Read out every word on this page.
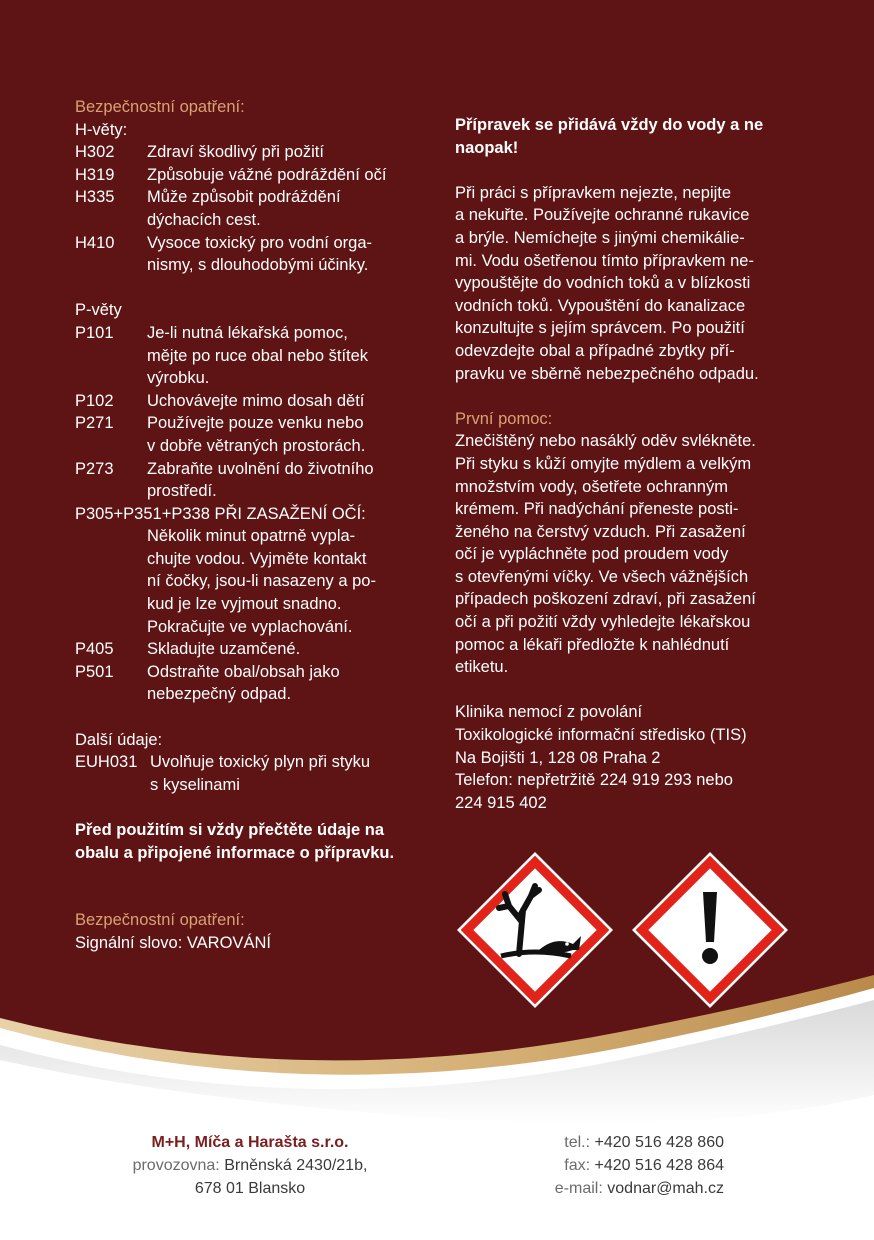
Bezpečnostní opatření:
H-věty:
H302	Zdraví škodlivý při požití
H319	Způsobuje vážné podráždění očí
H335	Může způsobit podráždění
dýchacích cest.
H410	Vysoce toxický pro vodní orga-
nismy, s dlouhodobými účinky.
P-věty
P101	Je-li nutná lékařská pomoc,
mějte po ruce obal nebo štítek
výrobku.
P102	Uchovávejte mimo dosah dětí
P271	Používejte pouze venku nebo
v dobře větraných prostorách.
P273	Zabraňte uvolnění do životního
prostředí.
P305+P351+P338 PŘI ZASAŽENÍ OČÍ:
Několik minut opatrně vypla-
chujte vodou. Vyjměte kontakt
ní čočky, jsou-li nasazeny a po-
kud je lze vyjmout snadno.
Pokračujte ve vyplachování.
P405	Skladujte uzamčené.
P501	Odstraňte obal/obsah jako
nebezpečný odpad.
Další údaje:
EUH031 Uvolňuje toxický plyn při styku
s kyselinami
Před použitím si vždy přečtěte údaje na
obalu a připojené informace o přípravku.
Bezpečnostní opatření:
Signální slovo: VAROVÁNÍ
Přípravek se přidává vždy do vody a ne
naopak!
Při práci s přípravkem nejezte, nepijte
a nekuřte. Používejte ochranné rukavice
a brýle. Nemíchejte s jinými chemikálie-
mi. Vodu ošetřenou tímto přípravkem ne-
vypouštějte do vodních toků a v blízkosti
vodních toků. Vypouštění do kanalizace
konzultujte s jejím správcem. Po použití
odevzdejte obal a případné zbytky pří-
pravku ve sběrně nebezpečného odpadu.
První pomoc:
Znečištěný nebo nasáklý oděv svlékněte.
Při styku s kůží omyjte mýdlem a velkým
množstvím vody, ošetřete ochranným
krémem. Při nadýchání přeneste posti-
ženého na čerstvý vzduch. Při zasažení
očí je vypláchněte pod proudem vody
s otevřenými víčky. Ve všech vážnějších
případech poškození zdraví, při zasažení
očí a při požití vždy vyhledejte lékařskou
pomoc a lékaři předložte k nahlédnutí
etiketu.
Klinika nemocí z povolání
Toxikologické informační středisko (TIS)
Na Bojišti 1, 128 08 Praha 2
Telefon: nepřetržitě 224 919 293 nebo
224 915 402
M+H, Míča a Harašta s.r.o.
provozovna: Brněnská 2430/21b,
678 01 Blansko
tel.: +420 516 428 860
fax: +420 516 428 864
e-mail: vodnar@mah.cz
